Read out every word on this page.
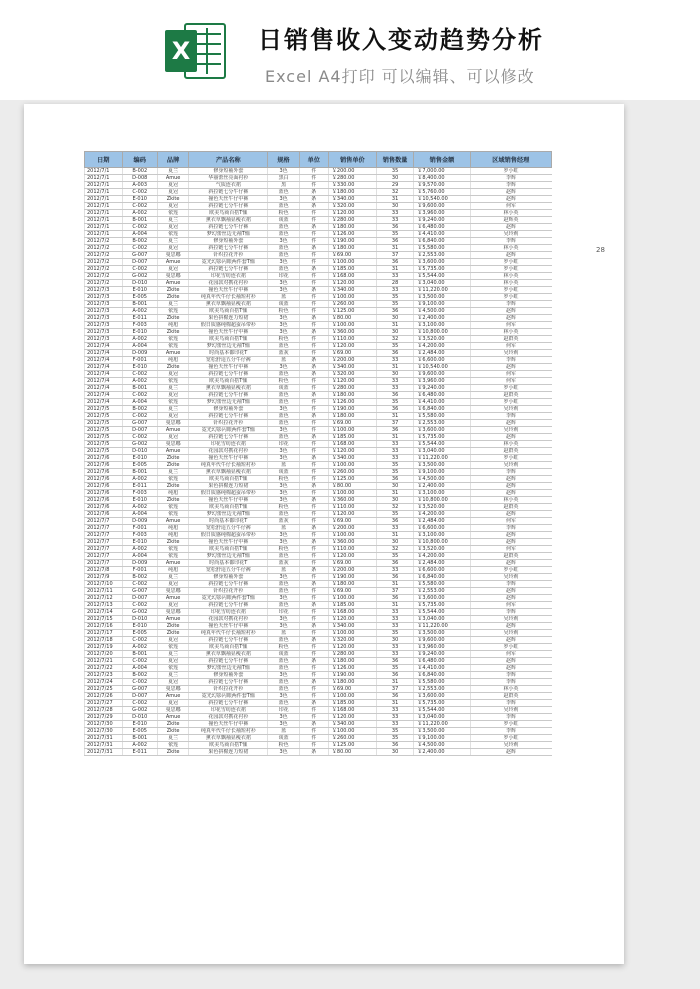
X	日销售收入变动趋势分析
Excel A4打印 可以编辑、可以修改
28
日期	编码	品牌	产品名称	规格	单位	销售单价	销售数量	销售金额	区域销售经理
2012/7/1	B-002	夏兰	修身短袖外套	3色	件	￥200.00	35	￥7,000.00	罗小虹
2012/7/1	D-008	Amue	华丽蕾丝亮面衬衫	黑白	件	￥280.00	30	￥8,400.00	李辉
2012/7/1	A-003	夏冠	气质连衣裙	黑	件	￥330.00	29	￥9,570.00	李辉
2012/7/1	C-002	夏冠	斜拉链七分牛仔裤	蓝色	条	￥180.00	32	￥5,760.00	赵辉
2012/7/1	E-010	Zkite	撞色天丝牛仔中裤	3色	条	￥340.00	31	￥10,540.00	赵辉
2012/7/1	C-002	夏冠	斜拉链七分牛仔裤	蓝色	条	￥320.00	30	￥9,600.00	何军
2012/7/1	A-002	依莲	欧美鸟商百搭T恤	粉色	件	￥120.00	33	￥3,960.00	林小英
2012/7/1	B-001	夏兰	薰衣草飘袖显瘦衣裙	谈蓝	件	￥280.00	33	￥9,240.00	赵辉英
2012/7/1	C-002	夏冠	斜拉链七分牛仔裤	蓝色	条	￥180.00	36	￥6,480.00	赵辉
2012/7/1	A-004	依莲	梦幻蕾丝边无袖T恤	蓝色	件	￥126.00	35	￥4,410.00	吴玲莉
2012/7/2	B-002	夏兰	修身短袖外套	3色	件	￥190.00	36	￥6,840.00	李辉
2012/7/2	C-002	夏冠	斜拉链七分牛仔裤	蓝色	条	￥180.00	31	￥5,580.00	林小英
2012/7/2	G-007	曼思娜	针织拉花开衫	蓝色	件	￥69.00	37	￥2,553.00	赵辉
2012/7/2	D-007	Amue	霓光幻影闪眼两件套T恤	3色	件	￥100.00	36	￥3,600.00	罗小虹
2012/7/2	C-002	夏冠	斜拉链七分牛仔裤	蓝色	条	￥185.00	31	￥5,735.00	罗小虹
2012/7/2	G-002	曼思娜	印花雪纺连衣裙	印花	件	￥168.00	33	￥5,544.00	林小英
2012/7/2	D-010	Amue	花园款对携花衬衫	3色	件	￥120.00	28	￥3,040.00	林小英
2012/7/3	E-010	Zkite	撞色天丝牛仔中裤	3色	条	￥340.00	33	￥11,220.00	罗小虹
2012/7/3	E-005	Zkite	纯真年代牛仔长袖短衬衫	蓝	件	￥100.00	35	￥3,500.00	罗小虹
2012/7/3	B-001	夏兰	薰衣草飘袖显瘦衣裙	谈蓝	件	￥260.00	35	￥9,100.00	李辉
2012/7/3	A-002	依莲	欧美鸟商百搭T恤	粉色	件	￥125.00	36	￥4,500.00	赵辉
2012/7/3	E-011	Zkite	果色拼棉连力短裙	3色	条	￥80.00	30	￥2,400.00	赵辉
2012/7/3	F-003	纯旭	假日质感纯棉超蚕吊带衫	3色	件	￥100.00	31	￥3,100.00	何军
2012/7/3	E-010	Zkite	撞色天丝牛仔中裤	3色	条	￥360.00	30	￥10,800.00	林小英
2012/7/3	A-002	依莲	欧美鸟商百搭T恤	粉色	件	￥110.00	32	￥3,520.00	赵群英
2012/7/4	A-004	依莲	梦幻蕾丝边无袖T恤	蓝色	件	￥120.00	35	￥4,200.00	何军
2012/7/4	D-009	Amue	时尚基本都印花T	蓝灰	件	￥69.00	36	￥2,484.00	吴玲莉
2012/7/4	F-001	纯旭	宽松舒适五分牛仔裤	蓝	条	￥200.00	33	￥6,600.00	李辉
2012/7/4	E-010	Zkite	撞色天丝牛仔中裤	3色	条	￥340.00	31	￥10,540.00	赵辉
2012/7/4	C-002	夏冠	斜拉链七分牛仔裤	蓝色	条	￥320.00	30	￥9,600.00	何军
2012/7/4	A-002	依莲	欧美鸟商百搭T恤	粉色	件	￥120.00	33	￥3,960.00	何军
2012/7/4	B-001	夏兰	薰衣草飘袖显瘦衣裙	谈蓝	件	￥280.00	33	￥9,240.00	罗小虹
2012/7/4	C-002	夏冠	斜拉链七分牛仔裤	蓝色	条	￥180.00	36	￥6,480.00	赵群英
2012/7/4	A-004	依莲	梦幻蕾丝边无袖T恤	蓝色	件	￥126.00	35	￥4,410.00	罗小虹
2012/7/5	B-002	夏兰	修身短袖外套	3色	件	￥190.00	36	￥6,840.00	吴玲莉
2012/7/5	C-002	夏冠	斜拉链七分牛仔裤	蓝色	条	￥180.00	31	￥5,580.00	李辉
2012/7/5	G-007	曼思娜	针织拉花开衫	蓝色	件	￥69.00	37	￥2,553.00	赵辉
2012/7/5	D-007	Amue	霓光幻影闪眼两件套T恤	3色	件	￥100.00	36	￥3,600.00	吴玲莉
2012/7/5	C-002	夏冠	斜拉链七分牛仔裤	蓝色	条	￥185.00	31	￥5,735.00	赵辉
2012/7/5	G-002	曼思娜	印花雪纺连衣裙	印花	件	￥168.00	33	￥5,544.00	林小英
2012/7/5	D-010	Amue	花园款对携花衬衫	3色	件	￥120.00	33	￥3,040.00	赵群英
2012/7/6	E-010	Zkite	撞色天丝牛仔中裤	3色	条	￥340.00	33	￥11,220.00	罗小虹
2012/7/6	E-005	Zkite	纯真年代牛仔长袖短衬衫	蓝	件	￥100.00	35	￥3,500.00	吴玲莉
2012/7/6	B-001	夏兰	薰衣草飘袖显瘦衣裙	谈蓝	件	￥260.00	35	￥9,100.00	李辉
2012/7/6	A-002	依莲	欧美鸟商百搭T恤	粉色	件	￥125.00	36	￥4,500.00	赵辉
2012/7/6	E-011	Zkite	果色拼棉连力短裙	3色	条	￥80.00	30	￥2,400.00	赵辉
2012/7/6	F-003	纯旭	假日质感纯棉超蚕吊带衫	3色	件	￥100.00	31	￥3,100.00	赵辉
2012/7/6	E-010	Zkite	撞色天丝牛仔中裤	3色	条	￥360.00	30	￥10,800.00	林小英
2012/7/6	A-002	依莲	欧美鸟商百搭T恤	粉色	件	￥110.00	32	￥3,520.00	赵群英
2012/7/6	A-004	依莲	梦幻蕾丝边无袖T恤	蓝色	件	￥120.00	35	￥4,200.00	赵辉
2012/7/7	D-009	Amue	时尚基本都印花T	蓝灰	件	￥69.00	36	￥2,484.00	何军
2012/7/7	F-001	纯旭	宽松舒适五分牛仔裤	蓝	条	￥200.00	33	￥6,600.00	李辉
2012/7/7	F-003	纯旭	假日质感纯棉超蚕吊带衫	3色	件	￥100.00	31	￥3,100.00	赵辉
2012/7/7	E-010	Zkite	撞色天丝牛仔中裤	3色	条	￥360.00	30	￥10,800.00	赵辉
2012/7/7	A-002	依莲	欧美鸟商百搭T恤	粉色	件	￥110.00	32	￥3,520.00	何军
2012/7/7	A-004	依莲	梦幻蕾丝边无袖T恤	蓝色	件	￥120.00	35	￥4,200.00	赵群英
2012/7/7	D-009	Amue	时尚基本都印花T	蓝灰	件	￥69.00	36	￥2,484.00	赵辉
2012/7/8	F-001	纯旭	宽松舒适五分牛仔裤	蓝	条	￥200.00	33	￥6,600.00	罗小虹
2012/7/9	B-002	夏兰	修身短袖外套	3色	件	￥190.00	36	￥6,840.00	吴玲莉
2012/7/10	C-002	夏冠	斜拉链七分牛仔裤	蓝色	条	￥180.00	31	￥5,580.00	李辉
2012/7/11	G-007	曼思娜	针织拉花开衫	蓝色	件	￥69.00	37	￥2,553.00	赵辉
2012/7/12	D-007	Amue	霓光幻影闪眼两件套T恤	3色	件	￥100.00	36	￥3,600.00	赵辉
2012/7/13	C-002	夏冠	斜拉链七分牛仔裤	蓝色	条	￥185.00	31	￥5,735.00	何军
2012/7/14	G-002	曼思娜	印花雪纺连衣裙	印花	件	￥168.00	33	￥5,544.00	李辉
2012/7/15	D-010	Amue	花园款对携花衬衫	3色	件	￥120.00	33	￥3,040.00	吴玲莉
2012/7/16	E-010	Zkite	撞色天丝牛仔中裤	3色	条	￥340.00	33	￥11,220.00	赵辉
2012/7/17	E-005	Zkite	纯真年代牛仔长袖短衬衫	蓝	件	￥100.00	35	￥3,500.00	吴玲莉
2012/7/18	C-002	夏冠	斜拉链七分牛仔裤	蓝色	条	￥320.00	30	￥9,600.00	赵辉
2012/7/19	A-002	依莲	欧美鸟商百搭T恤	粉色	件	￥120.00	33	￥3,960.00	罗小虹
2012/7/20	B-001	夏兰	薰衣草飘袖显瘦衣裙	谈蓝	件	￥280.00	33	￥9,240.00	何军
2012/7/21	C-002	夏冠	斜拉链七分牛仔裤	蓝色	条	￥180.00	36	￥6,480.00	赵辉
2012/7/22	A-004	依莲	梦幻蕾丝边无袖T恤	蓝色	件	￥126.00	35	￥4,410.00	赵辉
2012/7/23	B-002	夏兰	修身短袖外套	3色	件	￥190.00	36	￥6,840.00	李辉
2012/7/24	C-002	夏冠	斜拉链七分牛仔裤	蓝色	条	￥180.00	31	￥5,580.00	李辉
2012/7/25	G-007	曼思娜	针织拉花开衫	蓝色	件	￥69.00	37	￥2,553.00	林小英
2012/7/26	D-007	Amue	霓光幻影闪眼两件套T恤	3色	件	￥100.00	36	￥3,600.00	赵群英
2012/7/27	C-002	夏冠	斜拉链七分牛仔裤	蓝色	条	￥185.00	31	￥5,735.00	李辉
2012/7/28	G-002	曼思娜	印花雪纺连衣裙	印花	件	￥168.00	33	￥5,544.00	吴玲莉
2012/7/29	D-010	Amue	花园款对携花衬衫	3色	件	￥120.00	33	￥3,040.00	李辉
2012/7/30	E-010	Zkite	撞色天丝牛仔中裤	3色	条	￥340.00	33	￥11,220.00	罗小虹
2012/7/30	E-005	Zkite	纯真年代牛仔长袖短衬衫	蓝	件	￥100.00	35	￥3,500.00	李辉
2012/7/31	B-001	夏兰	薰衣草飘袖显瘦衣裙	谈蓝	件	￥260.00	35	￥9,100.00	罗小虹
2012/7/31	A-002	依莲	欧美鸟商百搭T恤	粉色	件	￥125.00	36	￥4,500.00	吴玲莉
2012/7/31	E-011	Zkite	果色拼棉连力短裙	3色	条	￥80.00	30	￥2,400.00	赵辉
